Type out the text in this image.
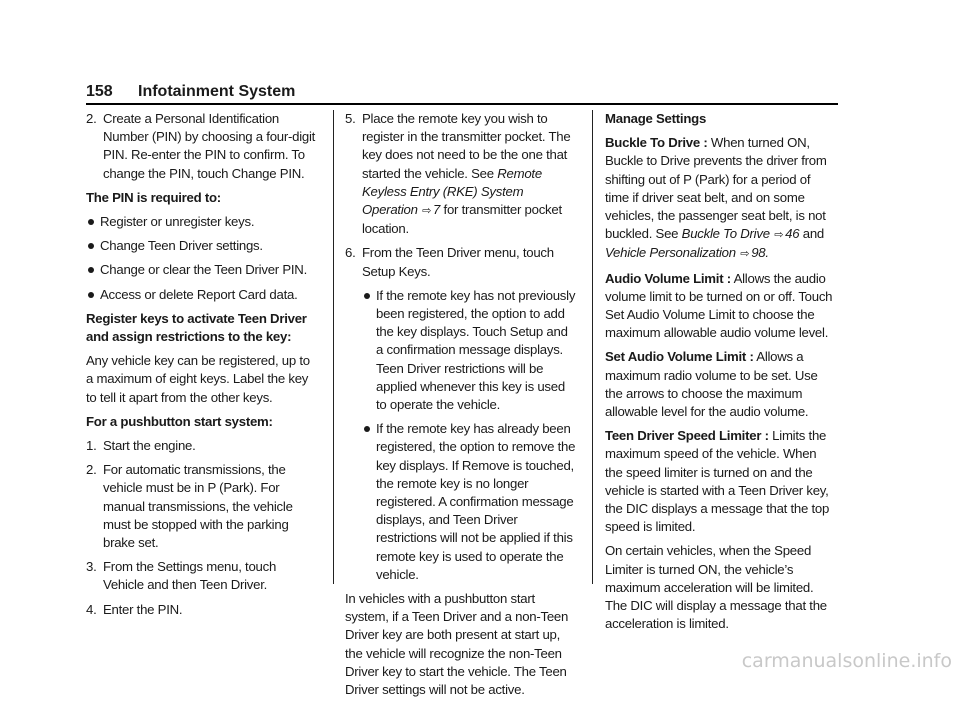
158 Infotainment System
2. Create a Personal Identification Number (PIN) by choosing a four-digit PIN. Re-enter the PIN to confirm. To change the PIN, touch Change PIN.

The PIN is required to:

Register or unregister keys.
Change Teen Driver settings.
Change or clear the Teen Driver PIN.
Access or delete Report Card data.

Register keys to activate Teen Driver and assign restrictions to the key:

Any vehicle key can be registered, up to a maximum of eight keys. Label the key to tell it apart from the other keys.

For a pushbutton start system:

1. Start the engine.
2. For automatic transmissions, the vehicle must be in P (Park). For manual transmissions, the vehicle must be stopped with the parking brake set.
3. From the Settings menu, touch Vehicle and then Teen Driver.
4. Enter the PIN.
5. Place the remote key you wish to register in the transmitter pocket. The key does not need to be the one that started the vehicle. See Remote Keyless Entry (RKE) System Operation  ⇨ 7 for transmitter pocket location.
6. From the Teen Driver menu, touch Setup Keys.
If the remote key has not previously been registered, the option to add the key displays. Touch Setup and a confirmation message displays. Teen Driver restrictions will be applied whenever this key is used to operate the vehicle.
If the remote key has already been registered, the option to remove the key displays. If Remove is touched, the remote key is no longer registered. A confirmation message displays, and Teen Driver restrictions will not be applied if this remote key is used to operate the vehicle.

In vehicles with a pushbutton start system, if a Teen Driver and a non-Teen Driver key are both present at start up, the vehicle will recognize the non-Teen Driver key to start the vehicle. The Teen Driver settings will not be active.

Manage Settings

Buckle To Drive : When turned ON, Buckle to Drive prevents the driver from shifting out of P (Park) for a period of time if driver seat belt, and on some vehicles, the passenger seat belt, is not buckled. See Buckle To Drive  ⇨ 46 and Vehicle Personalization  ⇨ 98.

Audio Volume Limit : Allows the audio volume limit to be turned on or off. Touch Set Audio Volume Limit to choose the maximum allowable audio volume level.

Set Audio Volume Limit : Allows a maximum radio volume to be set. Use the arrows to choose the maximum allowable level for the audio volume.

Teen Driver Speed Limiter : Limits the maximum speed of the vehicle. When the speed limiter is turned on and the vehicle is started with a Teen Driver key, the DIC displays a message that the top speed is limited.

On certain vehicles, when the Speed Limiter is turned ON, the vehicle’s maximum acceleration will be limited. The DIC will display a message that the acceleration is limited.

carmanualsonline.info
